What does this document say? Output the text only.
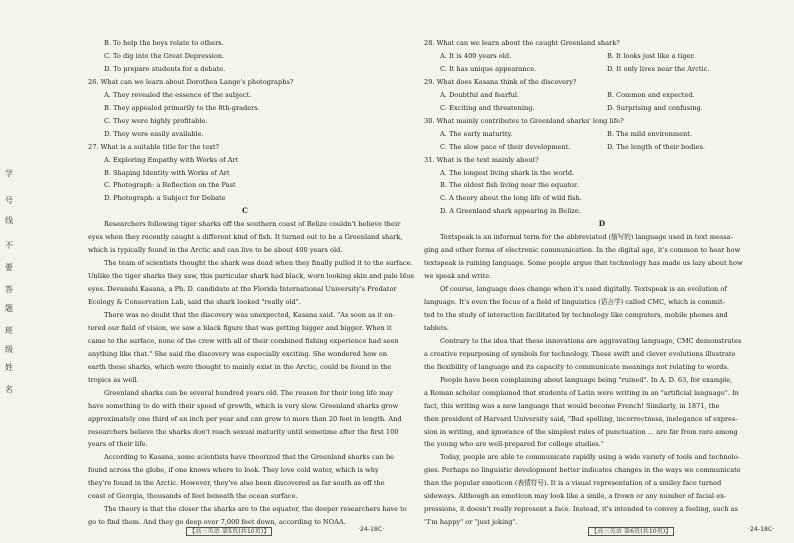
学
号
线
不
要
答
题
班
级
姓
名
B. To help the boys relate to others.
C. To dig into the Great Depression.
D. To prepare students for a debate.
26. What can we learn about Dorothea Lange's photographs?
A. They revealed the essence of the subject.
B. They appealed primarily to the 8th-graders.
C. They were highly profitable.
D. They were easily available.
27. What is a suitable title for the text?
A. Exploring Empathy with Works of Art
B. Shaping Identity with Works of Art
C. Photograph: a Reflection on the Past
D. Photograph: a Subject for Debate
C
Researchers following tiger sharks off the southern coast of Belize couldn't believe their
eyes when they recently caught a different kind of fish. It turned out to be a Greenland shark,
which is typically found in the Arctic and can live to be about 400 years old.
The team of scientists thought the shark was dead when they finally pulled it to the surface.
Unlike the tiger sharks they saw, this particular shark had black, worn looking skin and pale blue
eyes. Devanshi Kasana, a Ph. D. candidate at the Florida International University's Predator
Ecology & Conservation Lab, said the shark looked "really old".
There was no doubt that the discovery was unexpected, Kasana said. "As soon as it en-
tered our field of vision, we saw a black figure that was getting bigger and bigger. When it
came to the surface, none of the crew with all of their combined fishing experience had seen
anything like that." She said the discovery was especially exciting. She wondered how on
earth these sharks, which were thought to mainly exist in the Arctic, could be found in the
tropics as well.
Greenland sharks can be several hundred years old. The reason for their long life may
have something to do with their speed of growth, which is very slow. Greenland sharks grow
approximately one third of an inch per year and can grow to more than 20 feet in length. And
researchers believe the sharks don't reach sexual maturity until sometime after the first 100
years of their life.
According to Kasana, some scientists have theorized that the Greenland sharks can be
found across the globe, if one knows where to look. They love cold water, which is why
they're found in the Arctic. However, they've also been discovered as far south as off the
coast of Georgia, thousands of feet beneath the ocean surface.
The theory is that the closer the sharks are to the equator, the deeper researchers have to
go to find them. And they go deep over 7,000 feet down, according to NOAA.
28. What can we learn about the caught Greenland shark?
A. It is 400 years old.	B. It looks just like a tiger.
C. It has unique appearance.	D. It only lives near the Arctic.
29. What does Kasana think of the discovery?
A. Doubtful and fearful.	B. Common and expected.
C. Exciting and threatening.	D. Surprising and confusing.
30. What mainly contributes to Greenland sharks' long life?
A. The early maturity.	B. The mild environment.
C. The slow pace of their development.	D. The length of their bodies.
31. What is the text mainly about?
A. The longest living shark in the world.
B. The oldest fish living near the equator.
C. A theory about the long life of wild fish.
D. A Greenland shark appearing in Belize.
D
Textspeak is an informal term for the abbreviated (缩写的) language used in text messa-
ging and other forms of electronic communication. In the digital age, it's common to hear how
textspeak is ruining language. Some people argue that technology has made us lazy about how
we speak and write.
Of course, language does change when it's used digitally. Textspeak is an evolution of
language. It's even the focus of a field of linguistics (语言学) called CMC, which is commit-
ted to the study of interaction facilitated by technology like computers, mobile phones and
tablets.
Contrary to the idea that these innovations are aggravating language, CMC demonstrates
a creative repurposing of symbols for technology. These swift and clever evolutions illustrate
the flexibility of language and its capacity to communicate meanings not relating to words.
People have been complaining about language being "ruined". In A. D. 63, for example,
a Roman scholar complained that students of Latin were writing in an "artificial language". In
fact, this writing was a new language that would become French! Similarly, in 1871, the
then president of Harvard University said, "Bad spelling, incorrectness, inelegance of expres-
sion in writing, and ignorance of the simplest rules of punctuation ... are far from rare among
the young who are well-prepared for college studies."
Today, people are able to communicate rapidly using a wide variety of tools and technolo-
gies. Perhaps no linguistic development better indicates changes in the ways we communicate
than the popular emoticon (表情符号). It is a visual representation of a smiley face turned
sideways. Although an emoticon may look like a smile, a frown or any number of facial ex-
pressions, it doesn't really represent a face. Instead, it's intended to convey a feeling, such as
"I'm happy" or "just joking".
【高三英语 第5页(共10页)】	·24-18C·	【高三英语 第6页(共10页)】	·24-18C·
